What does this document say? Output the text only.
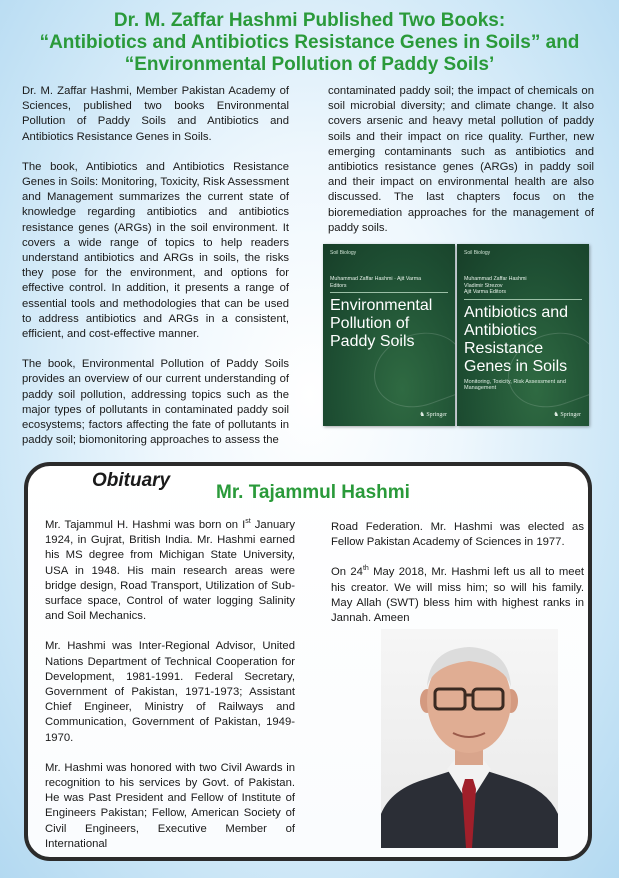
Dr. M. Zaffar Hashmi Published Two Books:
“Antibiotics and Antibiotics Resistance Genes in Soils” and
“Environmental Pollution of Paddy Soils’

Dr. M. Zaffar Hashmi, Member Pakistan Academy of Sciences, published two books Environmental Pollution of Paddy Soils and Antibiotics and Antibiotics Resistance Genes in Soils.

The book, Antibiotics and Antibiotics Resistance Genes in Soils: Monitoring, Toxicity, Risk Assessment and Management summarizes the current state of knowledge regarding antibiotics and antibiotics resistance genes (ARGs) in the soil environment. It covers a wide range of topics to help readers understand antibiotics and ARGs in soils, the risks they pose for the environment, and options for effective control. In addition, it presents a range of essential tools and methodologies that can be used to address antibiotics and ARGs in a consistent, efficient, and cost-effective manner.

The book, Environmental Pollution of Paddy Soils provides an overview of our current understanding of paddy soil pollution, addressing topics such as the major types of pollutants in contaminated paddy soil ecosystems; factors affecting the fate of pollutants in paddy soil; biomonitoring approaches to assess the

contaminated paddy soil; the impact of chemicals on soil microbial diversity; and climate change. It also covers arsenic and heavy metal pollution of paddy soils and their impact on rice quality. Further, new emerging contaminants such as antibiotics and antibiotics resistance genes (ARGs) in paddy soil and their impact on environmental health are also discussed. The last chapters focus on the bioremediation approaches for the management of paddy soils.

Soil Biology
Muhammad Zaffar Hashmi · Ajit Varma
Editors
Environmental Pollution of Paddy Soils
♞ Springer
Soil Biology
Muhammad Zaffar Hashmi
Vladimir Strezov
Ajit Varma Editors
Antibiotics and Antibiotics Resistance Genes in Soils
Monitoring, Toxicity, Risk Assessment and Management
♞ Springer
Obituary
Mr. Tajammul Hashmi

Mr. Tajammul H. Hashmi was born on Ist January 1924, in Gujrat, British India. Mr. Hashmi earned his MS degree from Michigan State University, USA in 1948. His main research areas were bridge design, Road Transport, Utilization of Sub-surface space, Control of water logging Salinity and Soil Mechanics.

Mr. Hashmi was Inter-Regional Advisor, United Nations Department of Technical Cooperation for Development, 1981-1991. Federal Secretary, Government of Pakistan, 1971-1973; Assistant Chief Engineer, Ministry of Railways and Communication, Government of Pakistan, 1949-1970.

Mr. Hashmi was honored with two Civil Awards in recognition to his services by Govt. of Pakistan. He was Past President and Fellow of Institute of Engineers Pakistan; Fellow, American Society of Civil Engineers, Executive Member of International

Road Federation. Mr. Hashmi was elected as Fellow Pakistan Academy of Sciences in 1977.

On 24th May 2018, Mr. Hashmi left us all to meet his creator. We will miss him; so will his family. May Allah (SWT) bless him with highest ranks in Jannah. Ameen
